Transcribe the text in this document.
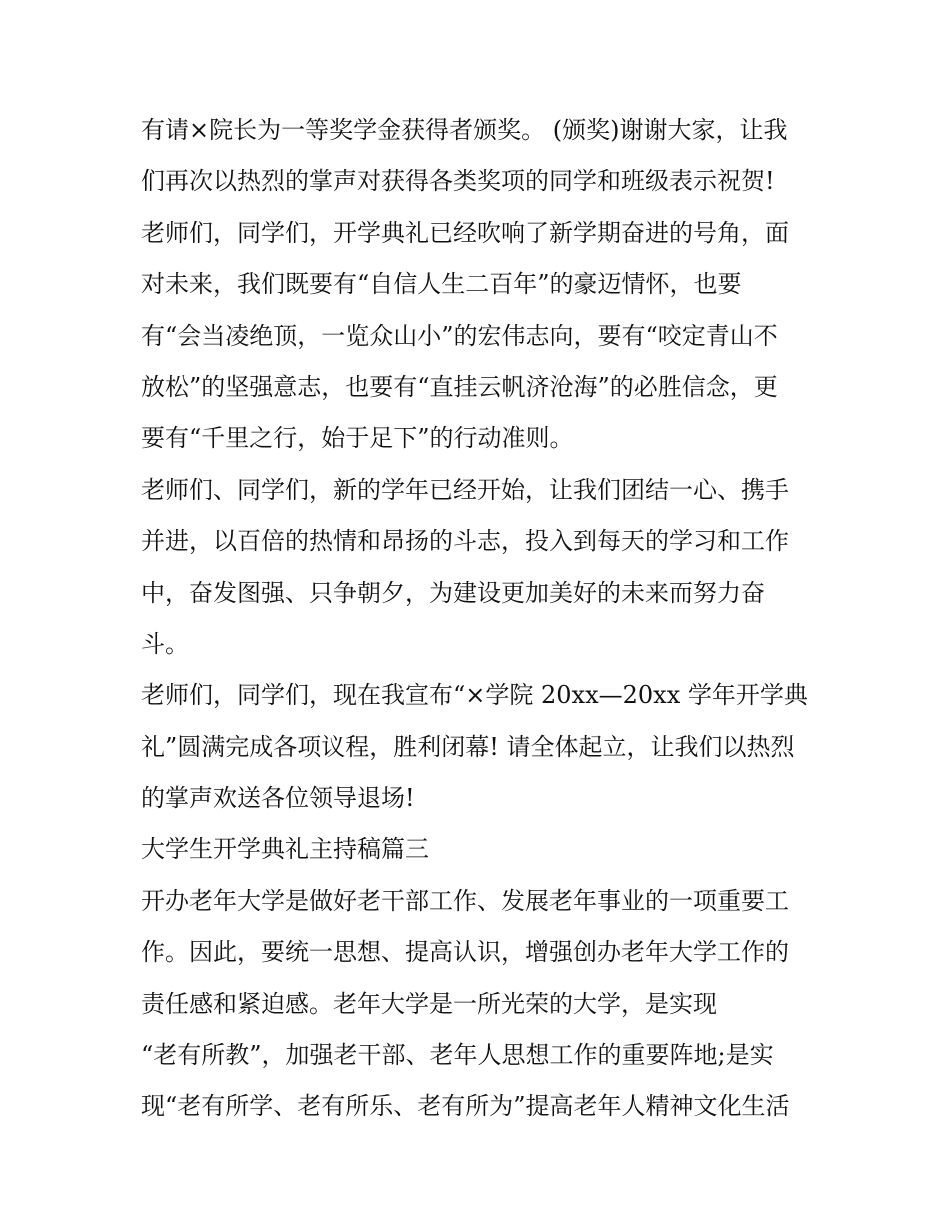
有请×院长为一等奖学金获得者颁奖。 (颁奖)谢谢大家，让我
们再次以热烈的掌声对获得各类奖项的同学和班级表示祝贺!
老师们，同学们，开学典礼已经吹响了新学期奋进的号角，面
对未来，我们既要有“自信人生二百年”的豪迈情怀，也要
有“会当凌绝顶，一览众山小”的宏伟志向，要有“咬定青山不
放松”的坚强意志，也要有“直挂云帆济沧海”的必胜信念，更
要有“千里之行，始于足下”的行动准则。
老师们、同学们，新的学年已经开始，让我们团结一心、携手
并进，以百倍的热情和昂扬的斗志，投入到每天的学习和工作
中，奋发图强、只争朝夕，为建设更加美好的未来而努力奋
斗。
老师们，同学们，现在我宣布“×学院 20xx—20xx 学年开学典
礼”圆满完成各项议程，胜利闭幕! 请全体起立，让我们以热烈
的掌声欢送各位领导退场!
大学生开学典礼主持稿篇三
开办老年大学是做好老干部工作、发展老年事业的一项重要工
作。因此，要统一思想、提高认识，增强创办老年大学工作的
责任感和紧迫感。老年大学是一所光荣的大学，是实现
“老有所教”，加强老干部、老年人思想工作的重要阵地;是实
现“老有所学、老有所乐、老有所为”提高老年人精神文化生活
